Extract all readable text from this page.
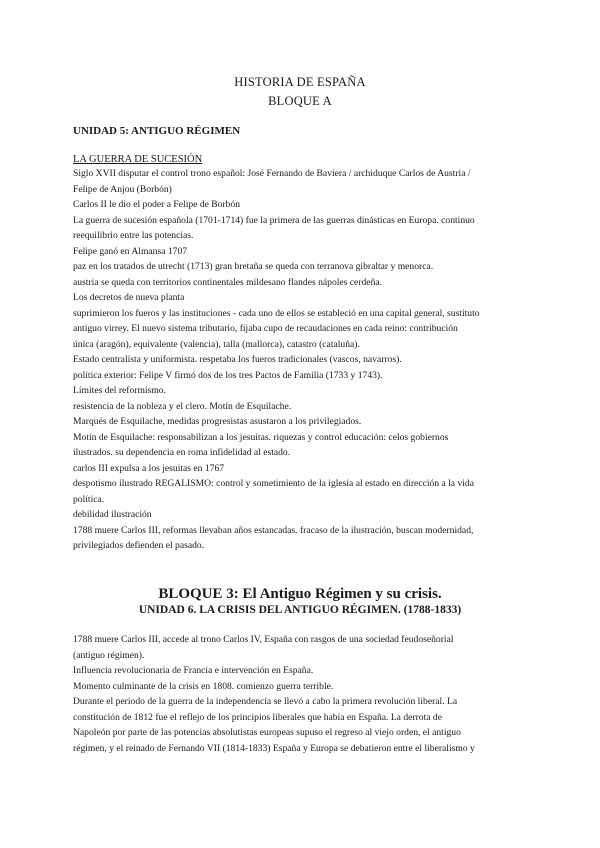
HISTORIA DE ESPAÑA
BLOQUE A
UNIDAD 5: ANTIGUO RÉGIMEN
LA GUERRA DE SUCESIÓN
Siglo XVII disputar el control trono español: José Fernando de Baviera / archiduque Carlos de Austria /
Felipe de Anjou (Borbón)
Carlos II le dio el poder a Felipe de Borbón
La guerra de sucesión española (1701-1714) fue la primera de las guerras dinásticas en Europa. continuo
reequilibrio entre las potencias.
Felipe ganó en Almansa 1707
paz en los tratados de utrecht (1713) gran bretaña se queda con terranova gibraltar y menorca.
austria se queda con territorios continentales mildesano flandes nápoles cerdeña.
Los decretos de nueva planta
suprimieron los fueros y las instituciones - cada uno de ellos se estableció en una capital general, sustituto
antiguo virrey. El nuevo sistema tributario, fijaba cupo de recaudaciones en cada reino: contribución
única (aragón), equivalente (valencia), talla (mallorca), catastro (cataluña).
Estado centralista y uniformista. respetaba los fueros tradicionales (vascos, navarros).
política exterior: Felipe V firmó dos de los tres Pactos de Familia (1733 y 1743).
Límites del reformismo.
resistencia de la nobleza y el clero. Motín de Esquilache.
Marqués de Esquilache, medidas progresistas asustaron a los privilegiados.
Motín de Esquilache: responsabilizan a los jesuitas. riquezas y control educación: celos gobiernos
ilustrados. su dependencia en roma infidelidad al estado.
carlos III expulsa a los jesuitas en 1767
despotismo ilustrado REGALISMO: control y sometimiento de la iglesia al estado en dirección a la vida
política.
debilidad ilustración
1788 muere Carlos III, reformas llevaban años estancadas. fracaso de la ilustración, buscan modernidad,
privilegiados defienden el pasado.
BLOQUE 3: El Antiguo Régimen y su crisis.
UNIDAD 6. LA CRISIS DEL ANTIGUO RÉGIMEN. (1788-1833)
1788 muere Carlos III, accede al trono Carlos IV, España con rasgos de una sociedad feudoseñorial
(antiguo régimen).
Influencia revolucionaria de Francia e intervención en España.
Momento culminante de la crisis en 1808. comienzo guerra terrible.
Durante el periodo de la guerra de la independencia se llevó a cabo la primera revolución liberal. La
constitución de 1812 fue el reflejo de los principios liberales que había en España. La derrota de
Napoleón por parte de las potencias absolutistas europeas supuso el regreso al viejo orden, el antiguo
régimen, y el reinado de Fernando VII (1814-1833) España y Europa se debatieron entre el liberalismo y
